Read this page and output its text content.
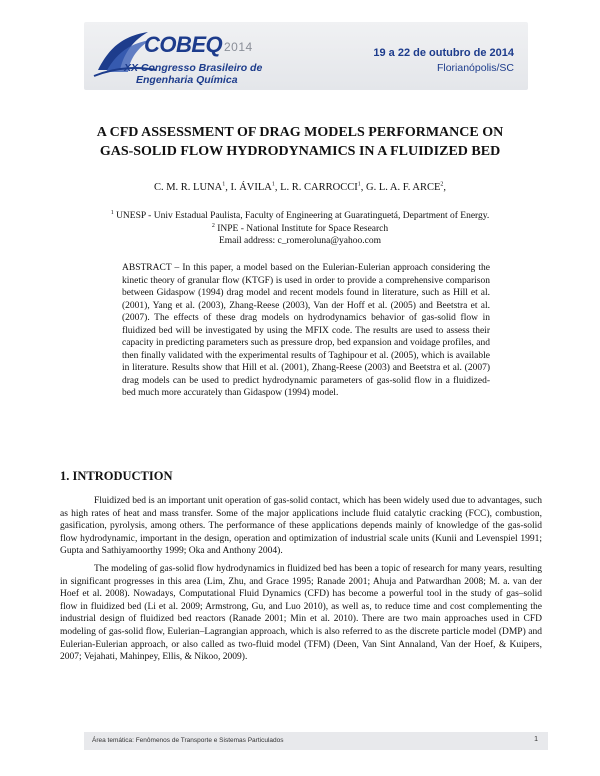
COBEQ 2014
XX Congresso Brasileiro de
Engenharia Química
19 a 22 de outubro de 2014
Florianópolis/SC
A CFD ASSESSMENT OF DRAG MODELS PERFORMANCE ON
GAS-SOLID FLOW HYDRODYNAMICS IN A FLUIDIZED BED
C. M. R. LUNA$^1$, I. ÁVILA$^1$, L. R. CARROCCI$^1$, G. L. A. F. ARCE$^2$,
$^1$ UNESP - Univ Estadual Paulista, Faculty of Engineering at Guaratinguetá, Department of Energy.
$^2$ INPE - National Institute for Space Research
Email address: c_romeroluna@yahoo.com

ABSTRACT – In this paper, a model based on the Eulerian-Eulerian approach considering the kinetic theory of granular flow (KTGF) is used in order to provide a comprehensive comparison between Gidaspow (1994) drag model and recent models found in literature, such as Hill et al. (2001), Yang et al. (2003), Zhang-Reese (2003), Van der Hoff et al. (2005) and Beetstra et al. (2007). The effects of these drag models on hydrodynamics behavior of gas-solid flow in fluidized bed will be investigated by using the MFIX code. The results are used to assess their capacity in predicting parameters such as pressure drop, bed expansion and voidage profiles, and then finally validated with the experimental results of Taghipour et al. (2005), which is available in literature. Results show that Hill et al. (2001), Zhang-Reese (2003) and Beetstra et al. (2007) drag models can be used to predict hydrodynamic parameters of gas-solid flow in a fluidized-bed much more accurately than Gidaspow (1994) model.

1. INTRODUCTION

Fluidized bed is an important unit operation of gas-solid contact, which has been widely used due to advantages, such as high rates of heat and mass transfer. Some of the major applications include fluid catalytic cracking (FCC), combustion, gasification, pyrolysis, among others. The performance of these applications depends mainly of knowledge of the gas-solid flow hydrodynamic, important in the design, operation and optimization of industrial scale units (Kunii and Levenspiel 1991; Gupta and Sathiyamoorthy 1999; Oka and Anthony 2004).

The modeling of gas-solid flow hydrodynamics in fluidized bed has been a topic of research for many years, resulting in significant progresses in this area (Lim, Zhu, and Grace 1995; Ranade 2001; Ahuja and Patwardhan 2008; M. a. van der Hoef et al. 2008). Nowadays, Computational Fluid Dynamics (CFD) has become a powerful tool in the study of gas–solid flow in fluidized bed (Li et al. 2009; Armstrong, Gu, and Luo 2010), as well as, to reduce time and cost complementing the industrial design of fluidized bed reactors (Ranade 2001; Min et al. 2010). There are two main approaches used in CFD modeling of gas-solid flow, Eulerian–Lagrangian approach, which is also referred to as the discrete particle model (DMP) and Eulerian-Eulerian approach, or also called as two-fluid model (TFM) (Deen, Van Sint Annaland, Van der Hoef, & Kuipers, 2007; Vejahati, Mahinpey, Ellis, & Nikoo, 2009).

Área temática: Fenômenos de Transporte e Sistemas Particulados	1
